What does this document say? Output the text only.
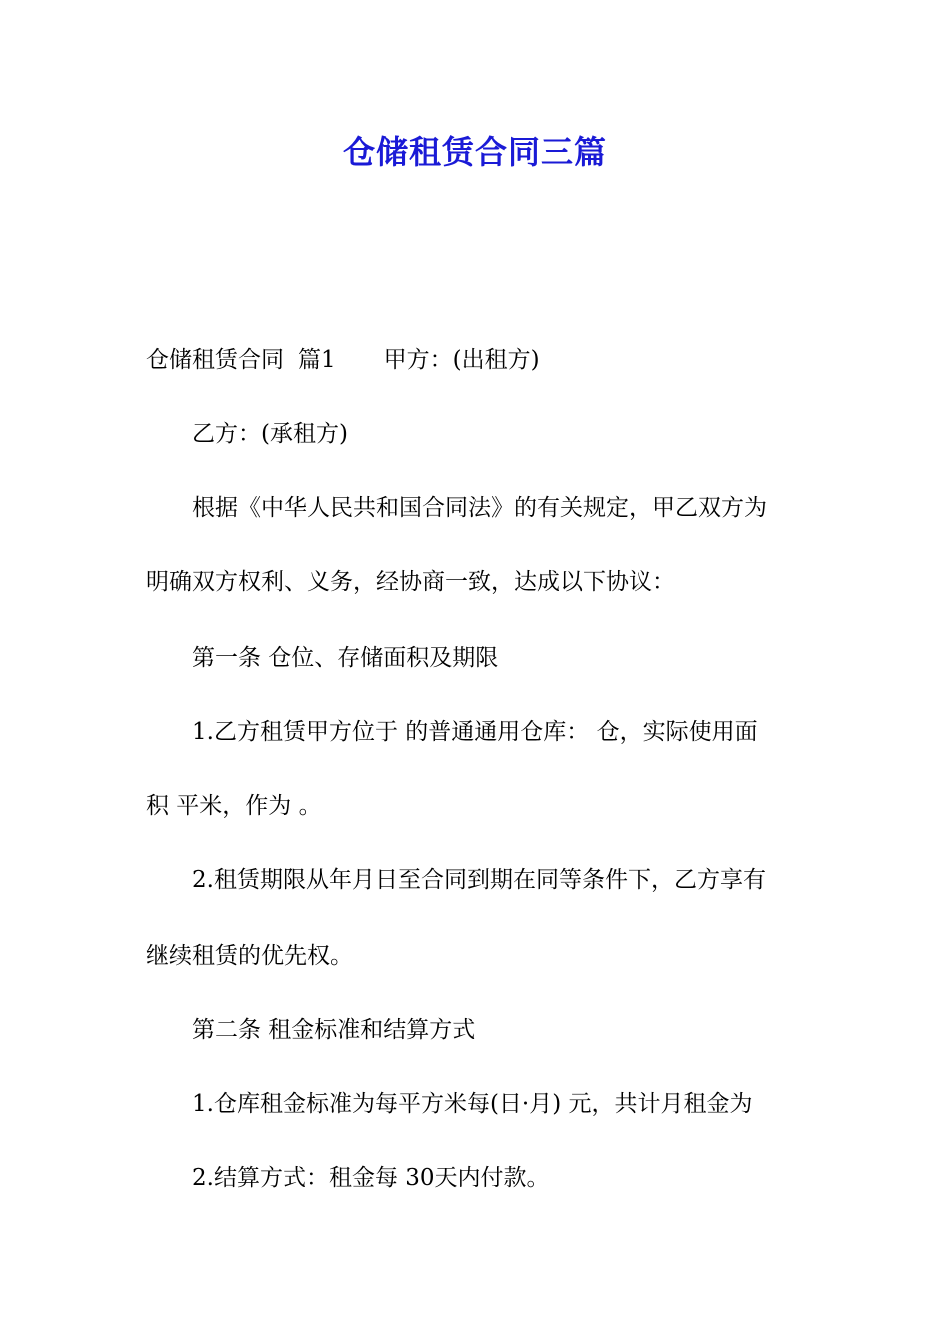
仓储租赁合同三篇
仓储租赁合同 篇1 甲方：(出租方)
乙方：(承租方)
根据《中华人民共和国合同法》的有关规定，甲乙双方为
明确双方权利、义务，经协商一致，达成以下协议：
第一条 仓位、存储面积及期限
1.乙方租赁甲方位于 的普通通用仓库： 仓，实际使用面
积 平米，作为 。
2.租赁期限从年月日至合同到期在同等条件下，乙方享有
继续租赁的优先权。
第二条 租金标准和结算方式
1.仓库租金标准为每平方米每(日·月) 元，共计月租金为
2.结算方式：租金每 30天内付款。
